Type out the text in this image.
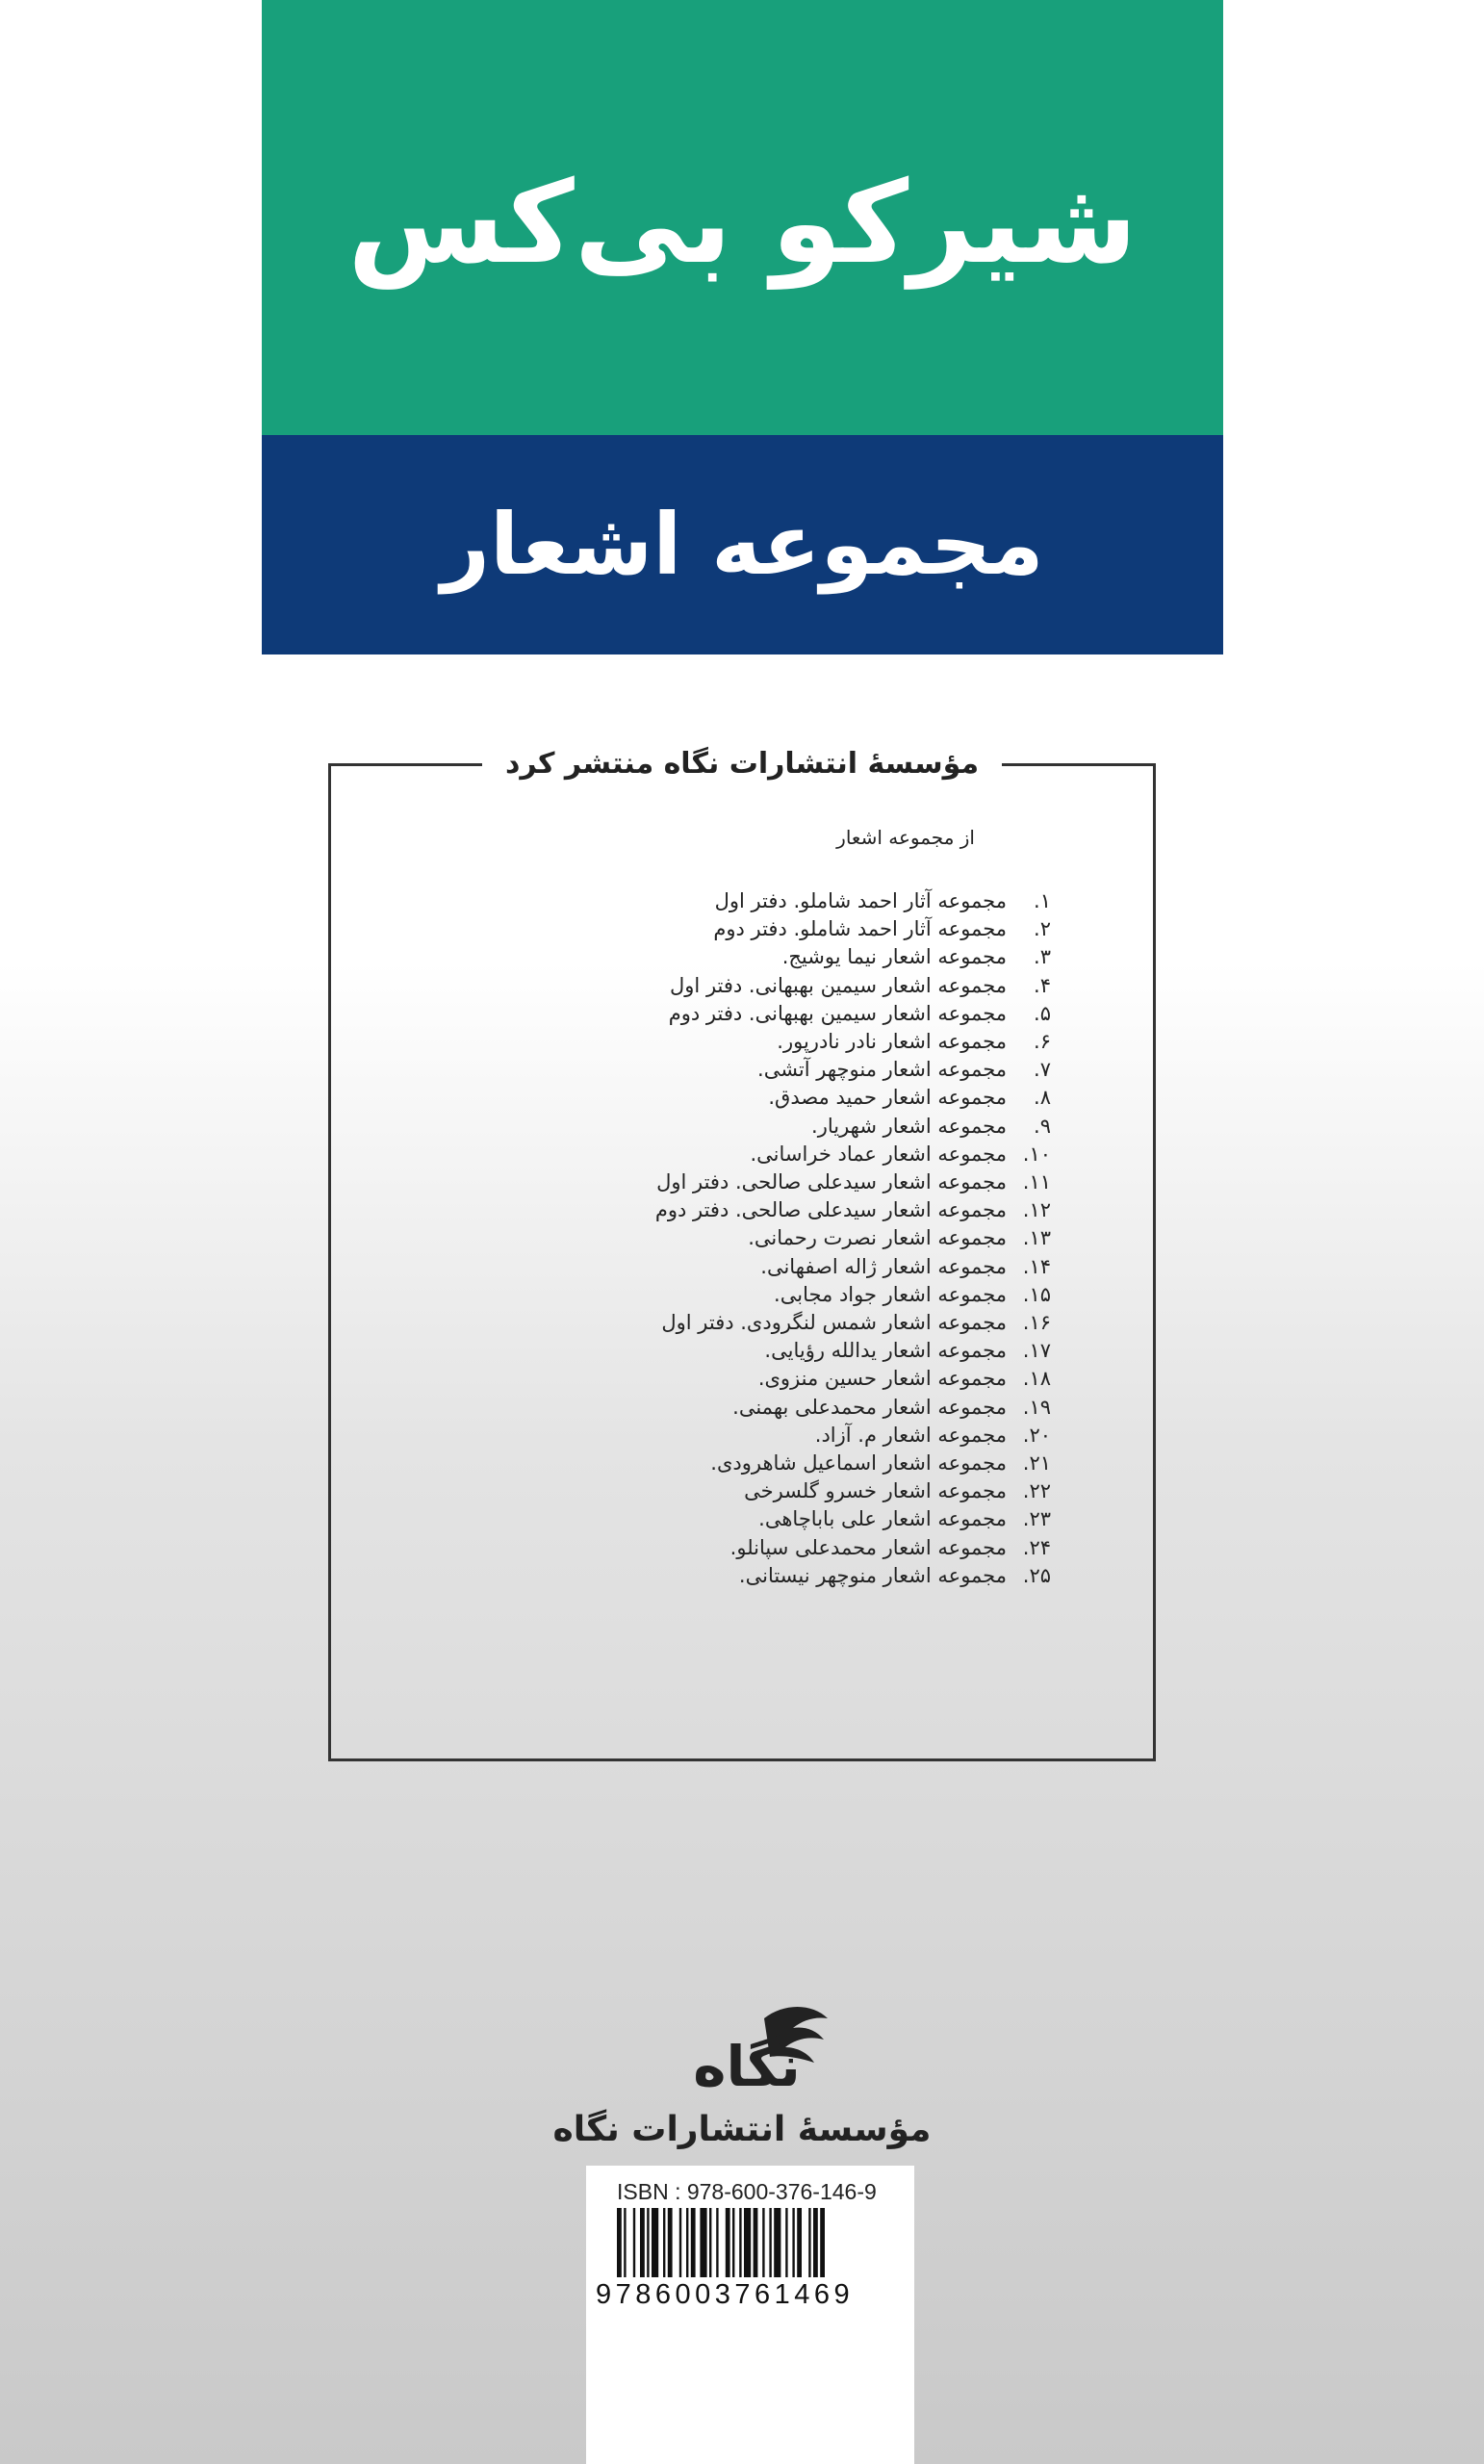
شیرکو بی‌کس
مجموعه اشعار
مؤسسۀ انتشارات نگاه منتشر کرد
از مجموعه اشعار
۱.مجموعه آثار احمد شاملو. دفتر اول
۲.مجموعه آثار احمد شاملو. دفتر دوم
۳.مجموعه اشعار نیما یوشیج.
۴.مجموعه اشعار سیمین بهبهانی. دفتر اول
۵.مجموعه اشعار سیمین بهبهانی. دفتر دوم
۶.مجموعه اشعار نادر نادرپور.
۷.مجموعه اشعار منوچهر آتشی.
۸.مجموعه اشعار حمید مصدق.
۹.مجموعه اشعار شهریار.
۱۰.مجموعه اشعار عماد خراسانی.
۱۱.مجموعه اشعار سیدعلی صالحی. دفتر اول
۱۲.مجموعه اشعار سیدعلی صالحی. دفتر دوم
۱۳.مجموعه اشعار نصرت رحمانی.
۱۴.مجموعه اشعار ژاله اصفهانی.
۱۵.مجموعه اشعار جواد مجابی.
۱۶.مجموعه اشعار شمس لنگرودی. دفتر اول
۱۷.مجموعه اشعار یدالله رؤیایی.
۱۸.مجموعه اشعار حسین منزوی.
۱۹.مجموعه اشعار محمدعلی بهمنی.
۲۰.مجموعه اشعار م. آزاد.
۲۱.مجموعه اشعار اسماعیل شاهرودی.
۲۲.مجموعه اشعار خسرو گلسرخی
۲۳.مجموعه اشعار علی باباچاهی.
۲۴.مجموعه اشعار محمدعلی سپانلو.
۲۵.مجموعه اشعار منوچهر نیستانی.
نگاه
مؤسسۀ انتشارات نگاه
ISBN : 978-600-376-146-9
9786003761469
